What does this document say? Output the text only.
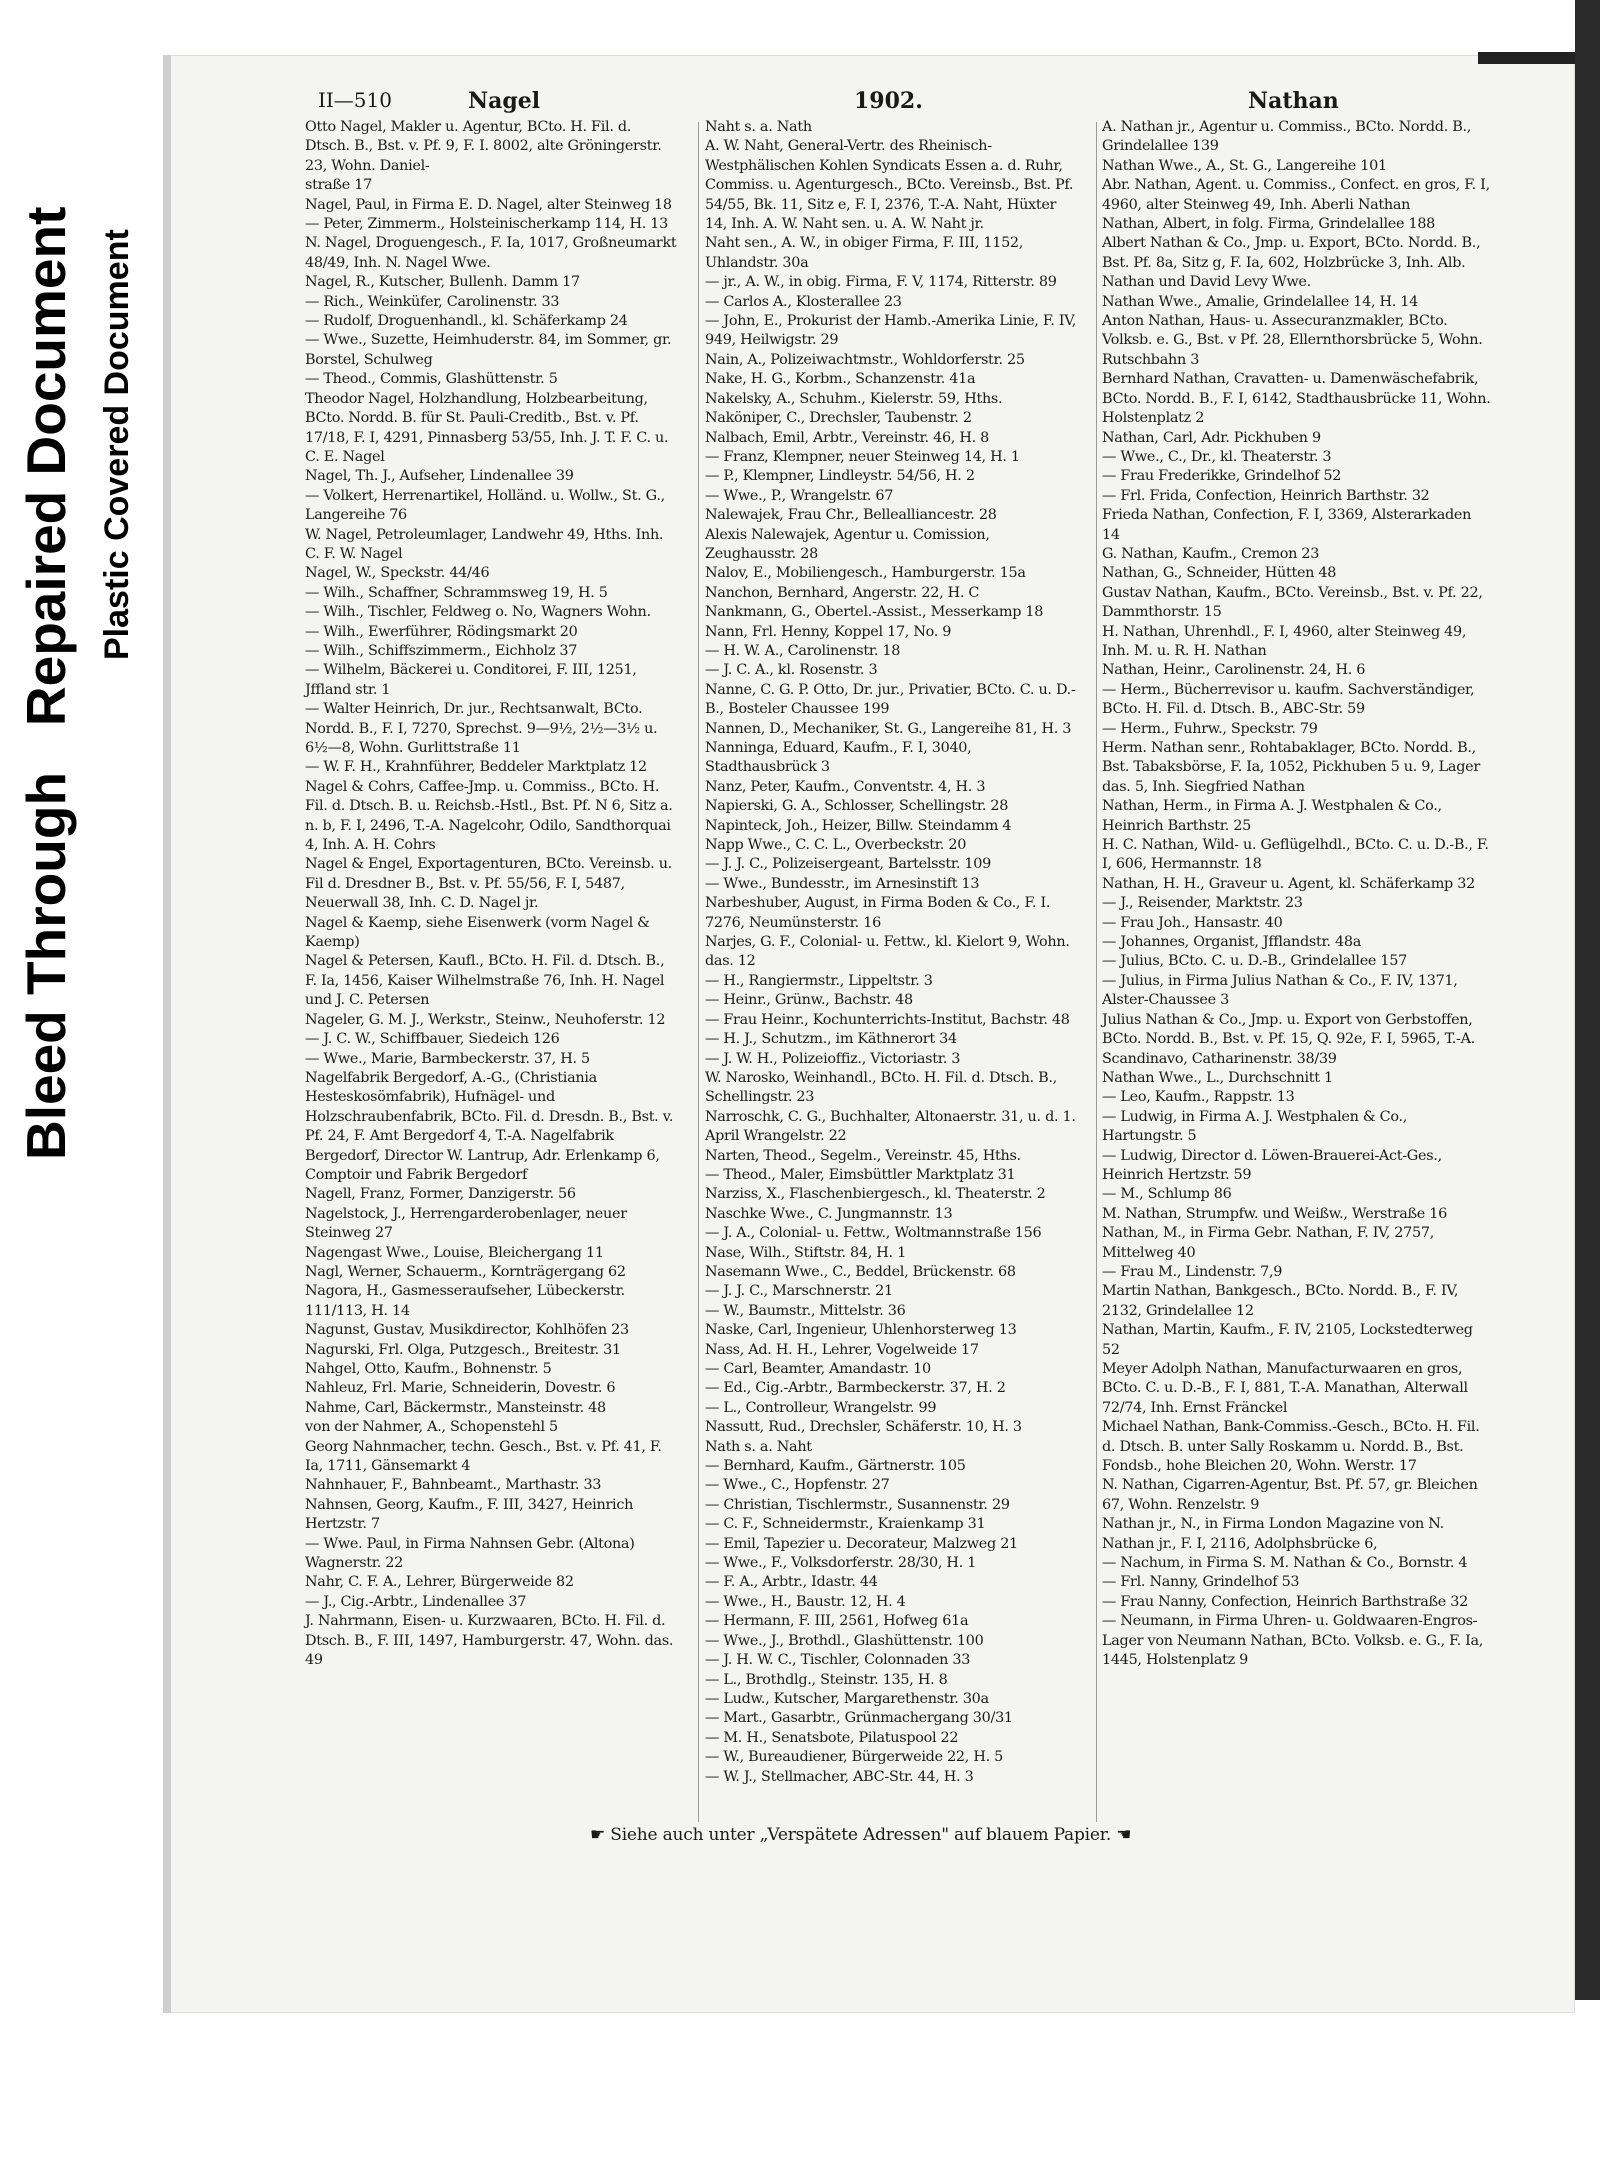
Bleed Through   Repaired Document Plastic Covered Document
II—510	Nagel	1902.	Nathan
Otto Nagel, Makler u. Agentur, BCto. H. Fil. d. Dtsch. B., Bst. v. Pf. 9, F. I. 8002, alte Gröningerstr. 23, Wohn. Daniel-
straße 17
Nagel, Paul, in Firma E. D. Nagel, alter Steinweg 18
— Peter, Zimmerm., Holsteinischerkamp 114, H. 13
N. Nagel, Droguengesch., F. Ia, 1017, Großneumarkt 48/49, Inh. N. Nagel Wwe.
Nagel, R., Kutscher, Bullenh. Damm 17
— Rich., Weinküfer, Carolinenstr. 33
— Rudolf, Droguenhandl., kl. Schäferkamp 24
— Wwe., Suzette, Heimhuderstr. 84, im Sommer, gr. Borstel, Schulweg
— Theod., Commis, Glashüttenstr. 5
Theodor Nagel, Holzhandlung, Holzbearbeitung, BCto. Nordd. B. für St. Pauli-Creditb., Bst. v. Pf. 17/18, F. I, 4291, Pinnasberg 53/55, Inh. J. T. F. C. u. C. E. Nagel
Nagel, Th. J., Aufseher, Lindenallee 39
— Volkert, Herrenartikel, Holländ. u. Wollw., St. G., Langereihe 76
W. Nagel, Petroleumlager, Landwehr 49, Hths. Inh. C. F. W. Nagel
Nagel, W., Speckstr. 44/46
— Wilh., Schaffner, Schrammsweg 19, H. 5
— Wilh., Tischler, Feldweg o. No, Wagners Wohn.
— Wilh., Ewerführer, Rödingsmarkt 20
— Wilh., Schiffszimmerm., Eichholz 37
— Wilhelm, Bäckerei u. Conditorei, F. III, 1251, Jffland str. 1
— Walter Heinrich, Dr. jur., Rechtsanwalt, BCto. Nordd. B., F. I, 7270, Sprechst. 9—9½, 2½—3½ u. 6½—8, Wohn. Gurlittstraße 11
— W. F. H., Krahnführer, Beddeler Marktplatz 12
Nagel & Cohrs, Caffee-Jmp. u. Commiss., BCto. H. Fil. d. Dtsch. B. u. Reichsb.-Hstl., Bst. Pf. N 6, Sitz a. n. b, F. I, 2496, T.-A. Nagelcohr, Odilo, Sandthorquai 4, Inh. A. H. Cohrs
Nagel & Engel, Exportagenturen, BCto. Vereinsb. u. Fil d. Dresdner B., Bst. v. Pf. 55/56, F. I, 5487, Neuerwall 38, Inh. C. D. Nagel jr.
Nagel & Kaemp, siehe Eisenwerk (vorm Nagel & Kaemp)
Nagel & Petersen, Kaufl., BCto. H. Fil. d. Dtsch. B., F. Ia, 1456, Kaiser Wilhelmstraße 76, Inh. H. Nagel und J. C. Petersen
Nageler, G. M. J., Werkstr., Steinw., Neuhoferstr. 12
— J. C. W., Schiffbauer, Siedeich 126
— Wwe., Marie, Barmbeckerstr. 37, H. 5
Nagelfabrik Bergedorf, A.-G., (Christiania Hesteskosömfabrik), Hufnägel- und Holzschraubenfabrik, BCto. Fil. d. Dresdn. B., Bst. v. Pf. 24, F. Amt Bergedorf 4, T.-A. Nagelfabrik Bergedorf, Director W. Lantrup, Adr. Erlenkamp 6, Comptoir und Fabrik Bergedorf
Nagell, Franz, Former, Danzigerstr. 56
Nagelstock, J., Herrengarderobenlager, neuer Steinweg 27
Nagengast Wwe., Louise, Bleichergang 11
Nagl, Werner, Schauerm., Kornträgergang 62
Nagora, H., Gasmesseraufseher, Lübeckerstr. 111/113, H. 14
Nagunst, Gustav, Musikdirector, Kohlhöfen 23
Nagurski, Frl. Olga, Putzgesch., Breitestr. 31
Nahgel, Otto, Kaufm., Bohnenstr. 5
Nahleuz, Frl. Marie, Schneiderin, Dovestr. 6
Nahme, Carl, Bäckermstr., Mansteinstr. 48
von der Nahmer, A., Schopenstehl 5
Georg Nahnmacher, techn. Gesch., Bst. v. Pf. 41, F. Ia, 1711, Gänsemarkt 4
Nahnhauer, F., Bahnbeamt., Marthastr. 33
Nahnsen, Georg, Kaufm., F. III, 3427, Heinrich Hertzstr. 7
— Wwe. Paul, in Firma Nahnsen Gebr. (Altona) Wagnerstr. 22
Nahr, C. F. A., Lehrer, Bürgerweide 82
— J., Cig.-Arbtr., Lindenallee 37
J. Nahrmann, Eisen- u. Kurzwaaren, BCto. H. Fil. d. Dtsch. B., F. III, 1497, Hamburgerstr. 47, Wohn. das. 49
Naht s. a. Nath
A. W. Naht, General-Vertr. des Rheinisch-Westphälischen Kohlen Syndicats Essen a. d. Ruhr, Commiss. u. Agenturgesch., BCto. Vereinsb., Bst. Pf. 54/55, Bk. 11, Sitz e, F. I, 2376, T.-A. Naht, Hüxter 14, Inh. A. W. Naht sen. u. A. W. Naht jr.
Naht sen., A. W., in obiger Firma, F. III, 1152, Uhlandstr. 30a
— jr., A. W., in obig. Firma, F. V, 1174, Ritterstr. 89
— Carlos A., Klosterallee 23
— John, E., Prokurist der Hamb.-Amerika Linie, F. IV, 949, Heilwigstr. 29
Nain, A., Polizeiwachtmstr., Wohldorferstr. 25
Nake, H. G., Korbm., Schanzenstr. 41a
Nakelsky, A., Schuhm., Kielerstr. 59, Hths.
Naköniper, C., Drechsler, Taubenstr. 2
Nalbach, Emil, Arbtr., Vereinstr. 46, H. 8
— Franz, Klempner, neuer Steinweg 14, H. 1
— P., Klempner, Lindleystr. 54/56, H. 2
— Wwe., P., Wrangelstr. 67
Nalewajek, Frau Chr., Bellealliancestr. 28
Alexis Nalewajek, Agentur u. Comission, Zeughausstr. 28
Nalov, E., Mobiliengesch., Hamburgerstr. 15a
Nanchon, Bernhard, Angerstr. 22, H. C
Nankmann, G., Obertel.-Assist., Messerkamp 18
Nann, Frl. Henny, Koppel 17, No. 9
— H. W. A., Carolinenstr. 18
— J. C. A., kl. Rosenstr. 3
Nanne, C. G. P. Otto, Dr. jur., Privatier, BCto. C. u. D.-B., Bosteler Chaussee 199
Nannen, D., Mechaniker, St. G., Langereihe 81, H. 3
Nanninga, Eduard, Kaufm., F. I, 3040, Stadthausbrück 3
Nanz, Peter, Kaufm., Conventstr. 4, H. 3
Napierski, G. A., Schlosser, Schellingstr. 28
Napinteck, Joh., Heizer, Billw. Steindamm 4
Napp Wwe., C. C. L., Overbeckstr. 20
— J. J. C., Polizeisergeant, Bartelsstr. 109
— Wwe., Bundesstr., im Arnesinstift 13
Narbeshuber, August, in Firma Boden & Co., F. I. 7276, Neumünsterstr. 16
Narjes, G. F., Colonial- u. Fettw., kl. Kielort 9, Wohn. das. 12
— H., Rangiermstr., Lippeltstr. 3
— Heinr., Grünw., Bachstr. 48
— Frau Heinr., Kochunterrichts-Institut, Bachstr. 48
— H. J., Schutzm., im Käthnerort 34
— J. W. H., Polizeioffiz., Victoriastr. 3
W. Narosko, Weinhandl., BCto. H. Fil. d. Dtsch. B., Schellingstr. 23
Narroschk, C. G., Buchhalter, Altonaerstr. 31, u. d. 1. April Wrangelstr. 22
Narten, Theod., Segelm., Vereinstr. 45, Hths.
— Theod., Maler, Eimsbüttler Marktplatz 31
Narziss, X., Flaschenbiergesch., kl. Theaterstr. 2
Naschke Wwe., C. Jungmannstr. 13
— J. A., Colonial- u. Fettw., Woltmannstraße 156
Nase, Wilh., Stiftstr. 84, H. 1
Nasemann Wwe., C., Beddel, Brückenstr. 68
— J. J. C., Marschnerstr. 21
— W., Baumstr., Mittelstr. 36
Naske, Carl, Ingenieur, Uhlenhorsterweg 13
Nass, Ad. H. H., Lehrer, Vogelweide 17
— Carl, Beamter, Amandastr. 10
— Ed., Cig.-Arbtr., Barmbeckerstr. 37, H. 2
— L., Controlleur, Wrangelstr. 99
Nassutt, Rud., Drechsler, Schäferstr. 10, H. 3
Nath s. a. Naht
— Bernhard, Kaufm., Gärtnerstr. 105
— Wwe., C., Hopfenstr. 27
— Christian, Tischlermstr., Susannenstr. 29
— C. F., Schneidermstr., Kraienkamp 31
— Emil, Tapezier u. Decorateur, Malzweg 21
— Wwe., F., Volksdorferstr. 28/30, H. 1
— F. A., Arbtr., Idastr. 44
— Wwe., H., Baustr. 12, H. 4
— Hermann, F. III, 2561, Hofweg 61a
— Wwe., J., Brothdl., Glashüttenstr. 100
— J. H. W. C., Tischler, Colonnaden 33
— L., Brothdlg., Steinstr. 135, H. 8
— Ludw., Kutscher, Margarethenstr. 30a
— Mart., Gasarbtr., Grünmachergang 30/31
— M. H., Senatsbote, Pilatuspool 22
— W., Bureaudiener, Bürgerweide 22, H. 5
— W. J., Stellmacher, ABC-Str. 44, H. 3
A. Nathan jr., Agentur u. Commiss., BCto. Nordd. B., Grindelallee 139
Nathan Wwe., A., St. G., Langereihe 101
Abr. Nathan, Agent. u. Commiss., Confect. en gros, F. I, 4960, alter Steinweg 49, Inh. Aberli Nathan
Nathan, Albert, in folg. Firma, Grindelallee 188
Albert Nathan & Co., Jmp. u. Export, BCto. Nordd. B., Bst. Pf. 8a, Sitz g, F. Ia, 602, Holzbrücke 3, Inh. Alb. Nathan und David Levy Wwe.
Nathan Wwe., Amalie, Grindelallee 14, H. 14
Anton Nathan, Haus- u. Assecuranzmakler, BCto. Volksb. e. G., Bst. v Pf. 28, Ellernthorsbrücke 5, Wohn. Rutschbahn 3
Bernhard Nathan, Cravatten- u. Damenwäschefabrik, BCto. Nordd. B., F. I, 6142, Stadthausbrücke 11, Wohn. Holstenplatz 2
Nathan, Carl, Adr. Pickhuben 9
— Wwe., C., Dr., kl. Theaterstr. 3
— Frau Frederikke, Grindelhof 52
— Frl. Frida, Confection, Heinrich Barthstr. 32
Frieda Nathan, Confection, F. I, 3369, Alsterarkaden 14
G. Nathan, Kaufm., Cremon 23
Nathan, G., Schneider, Hütten 48
Gustav Nathan, Kaufm., BCto. Vereinsb., Bst. v. Pf. 22, Dammthorstr. 15
H. Nathan, Uhrenhdl., F. I, 4960, alter Steinweg 49, Inh. M. u. R. H. Nathan
Nathan, Heinr., Carolinenstr. 24, H. 6
— Herm., Bücherrevisor u. kaufm. Sachverständiger, BCto. H. Fil. d. Dtsch. B., ABC-Str. 59
— Herm., Fuhrw., Speckstr. 79
Herm. Nathan senr., Rohtabaklager, BCto. Nordd. B., Bst. Tabaksbörse, F. Ia, 1052, Pickhuben 5 u. 9, Lager das. 5, Inh. Siegfried Nathan
Nathan, Herm., in Firma A. J. Westphalen & Co., Heinrich Barthstr. 25
H. C. Nathan, Wild- u. Geflügelhdl., BCto. C. u. D.-B., F. I, 606, Hermannstr. 18
Nathan, H. H., Graveur u. Agent, kl. Schäferkamp 32
— J., Reisender, Marktstr. 23
— Frau Joh., Hansastr. 40
— Johannes, Organist, Jfflandstr. 48a
— Julius, BCto. C. u. D.-B., Grindelallee 157
— Julius, in Firma Julius Nathan & Co., F. IV, 1371, Alster-Chaussee 3
Julius Nathan & Co., Jmp. u. Export von Gerbstoffen, BCto. Nordd. B., Bst. v. Pf. 15, Q. 92e, F. I, 5965, T.-A. Scandinavo, Catharinenstr. 38/39
Nathan Wwe., L., Durchschnitt 1
— Leo, Kaufm., Rappstr. 13
— Ludwig, in Firma A. J. Westphalen & Co., Hartungstr. 5
— Ludwig, Director d. Löwen-Brauerei-Act-Ges., Heinrich Hertzstr. 59
— M., Schlump 86
M. Nathan, Strumpfw. und Weißw., Werstraße 16
Nathan, M., in Firma Gebr. Nathan, F. IV, 2757, Mittelweg 40
— Frau M., Lindenstr. 7,9
Martin Nathan, Bankgesch., BCto. Nordd. B., F. IV, 2132, Grindelallee 12
Nathan, Martin, Kaufm., F. IV, 2105, Lockstedterweg 52
Meyer Adolph Nathan, Manufacturwaaren en gros, BCto. C. u. D.-B., F. I, 881, T.-A. Manathan, Alterwall 72/74, Inh. Ernst Fränckel
Michael Nathan, Bank-Commiss.-Gesch., BCto. H. Fil. d. Dtsch. B. unter Sally Roskamm u. Nordd. B., Bst. Fondsb., hohe Bleichen 20, Wohn. Werstr. 17
N. Nathan, Cigarren-Agentur, Bst. Pf. 57, gr. Bleichen 67, Wohn. Renzelstr. 9
Nathan jr., N., in Firma London Magazine von N. Nathan jr., F. I, 2116, Adolphsbrücke 6,
— Nachum, in Firma S. M. Nathan & Co., Bornstr. 4
— Frl. Nanny, Grindelhof 53
— Frau Nanny, Confection, Heinrich Barthstraße 32
— Neumann, in Firma Uhren- u. Goldwaaren-Engros-Lager von Neumann Nathan, BCto. Volksb. e. G., F. Ia, 1445, Holstenplatz 9
☛ Siehe auch unter „Verspätete Adressen" auf blauem Papier. ☚
